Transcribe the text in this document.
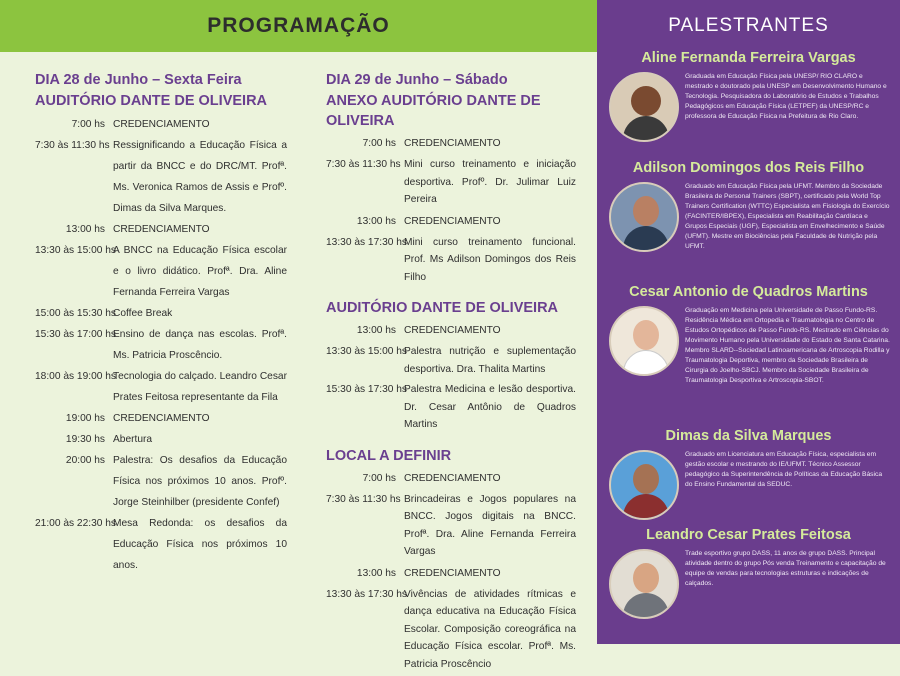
PROGRAMAÇÃO
DIA 28 de Junho – Sexta Feira
AUDITÓRIO DANTE DE OLIVEIRA
7:00 hs CREDENCIAMENTO
7:30 às 11:30 hs Ressignificando a Educação Física a partir da BNCC e do DRC/MT. Profª. Ms. Veronica Ramos de Assis e Profº. Dimas da Silva Marques.
13:00 hs CREDENCIAMENTO
13:30 às 15:00 hs
A BNCC na Educação Física escolar e o livro didático. Profª. Dra. Aline Fernanda Ferreira Vargas
15:00 às 15:30 hs
Coffee Break
15:30 às 17:00 hs
Ensino de dança nas escolas. Profª. Ms. Patricia Proscêncio.
18:00 às 19:00 hs
Tecnologia do calçado. Leandro Cesar Prates Feitosa representante da Fila
19:00 hs CREDENCIAMENTO
19:30 hs Abertura
20:00 hs Palestra: Os desafios da Educação Física nos próximos 10 anos. Profº. Jorge Steinhilber (presidente Confef)
21:00 às 22:30 hs
Mesa Redonda: os desafios da Educação Física nos próximos 10 anos.
DIA 29 de Junho – Sábado
ANEXO AUDITÓRIO DANTE DE OLIVEIRA
7:00 hs CREDENCIAMENTO
7:30 às 11:30 hs Mini curso treinamento e iniciação desportiva. Profº. Dr. Julimar Luiz Pereira
13:00 hs CREDENCIAMENTO
13:30 às 17:30 hs
Mini curso treinamento funcional. Prof. Ms Adilson Domingos dos Reis Filho
AUDITÓRIO DANTE DE OLIVEIRA
13:00 hs CREDENCIAMENTO
13:30 às 15:00 hs
Palestra nutrição e suplementação desportiva. Dra. Thalita Martins
15:30 às 17:30 hs
Palestra Medicina e lesão desportiva. Dr. Cesar Antônio de Quadros Martins
LOCAL A DEFINIR
7:00 hs CREDENCIAMENTO
7:30 às 11:30 hs Brincadeiras e Jogos populares na BNCC. Jogos digitais na BNCC. Profª. Dra. Aline Fernanda Ferreira Vargas
13:00 hs CREDENCIAMENTO
13:30 às 17:30 hs
Vivências de atividades rítmicas e dança educativa na Educação Física Escolar. Composição coreográfica na Educação Física escolar. Profª. Ms. Patricia Proscêncio
PALESTRANTES
Aline Fernanda Ferreira Vargas
Graduada em Educação Física pela UNESP/ RIO CLARO e mestrado e doutorado pela UNESP em Desenvolvimento Humano e Tecnologia. Pesquisadora do Laboratório de Estudos e Trabalhos Pedagógicos em Educação Física (LETPEF) da UNESP/RC e professora de Educação Física na Prefeitura de Rio Claro.
Adilson Domingos dos Reis Filho
Graduado em Educação Física pela UFMT. Membro da Sociedade Brasileira de Personal Trainers (SBPT), certificado pela World Top Trainers Certification (WTTC) Especialista em Fisiologia do Exercício (FACINTER/IBPEX), Especialista em Reabilitação Cardíaca e Grupos Especiais (UGF), Especialista em Envelhecimento e Saúde (UFMT). Mestre em Biociências pela Faculdade de Nutrição pela UFMT.
Cesar Antonio de Quadros Martins
Graduação em Medicina pela Universidade de Passo Fundo-RS. Residência Médica em Ortopedia e Traumatologia no Centro de Estudos Ortopédicos de Passo Fundo-RS. Mestrado em Ciências do Movimento Humano pela Universidade do Estado de Santa Catarina. Membro SLARD--Sociedad Latinoamericana de Artroscopia Rodilla y Traumatologia Deportiva, membro da Sociedade Brasileira de Cirurgia do Joelho-SBCJ. Membro da Sociedade Brasileira de Traumatologia Desportiva e Artroscopia-SBOT.
Dimas da Silva Marques
Graduado em Licenciatura em Educação Física, especialista em gestão escolar e mestrando do IE/UFMT. Técnico Assessor pedagógico da Superintendência de Políticas da Educação Básica do Ensino Fundamental da SEDUC.
Leandro Cesar Prates Feitosa
Trade esportivo grupo DASS, 11 anos de grupo DASS. Principal atividade dentro do grupo Pós venda Treinamento e capacitação de equipe de vendas para tecnologias estruturas e indicações de calçados.
